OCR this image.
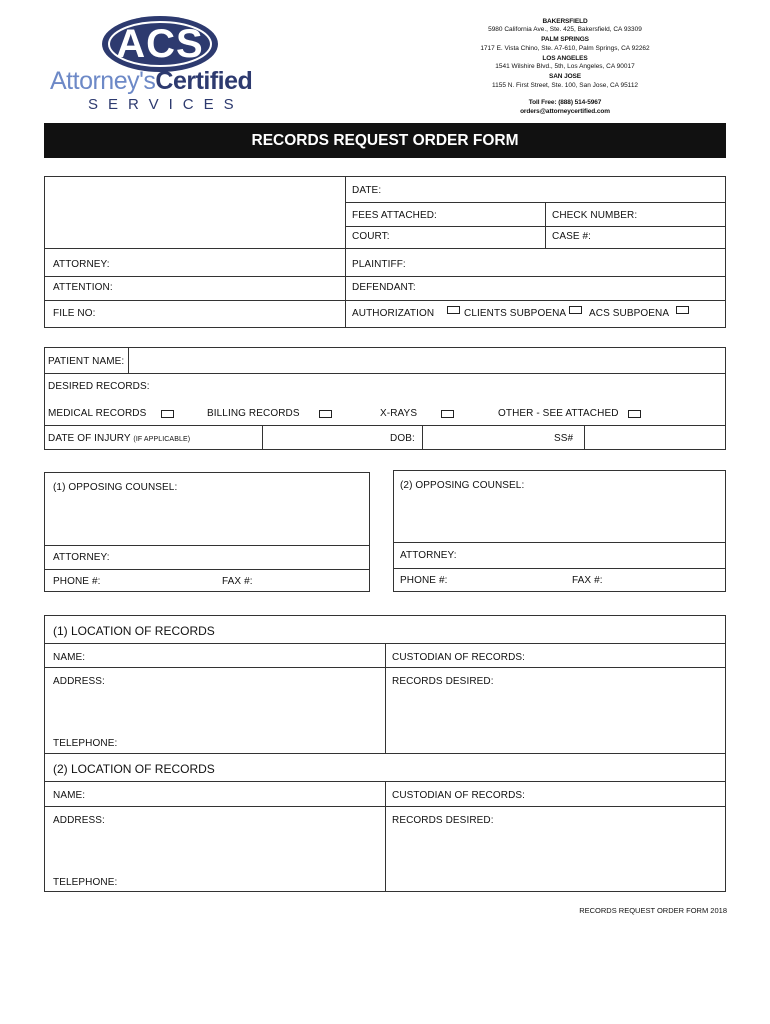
ACS
Attorney'sCertified
SERVICES
BAKERSFIELD
5980 California Ave., Ste. 425, Bakersfield, CA 93309
PALM SPRINGS
1717 E. Vista Chino, Ste. A7-610, Palm Springs, CA 92262
LOS ANGELES
1541 Wilshire Blvd., 5th, Los Angeles, CA 90017
SAN JOSE
1155 N. First Street, Ste. 100, San Jose, CA 95112
Toll Free: (888) 514-5967
orders@attorneycertified.com
RECORDS REQUEST ORDER FORM
DATE:
FEES ATTACHED:	CHECK NUMBER:
COURT:	CASE #:
ATTORNEY:	PLAINTIFF:
ATTENTION:	DEFENDANT:
FILE NO:	AUTHORIZATION	CLIENTS SUBPOENA ACS SUBPOENA
PATIENT NAME:
DESIRED RECORDS:
MEDICAL RECORDS	BILLING RECORDS	X-RAYS	OTHER - SEE ATTACHED
DATE OF INJURY (IF APPLICABLE)	DOB:	SS#
(1) OPPOSING COUNSEL:
ATTORNEY:
PHONE #:	FAX #:
(2) OPPOSING COUNSEL:
ATTORNEY:
PHONE #:	FAX #:
(1) LOCATION OF RECORDS
NAME:	CUSTODIAN OF RECORDS:
ADDRESS:	RECORDS DESIRED:
TELEPHONE:
(2) LOCATION OF RECORDS
NAME:	CUSTODIAN OF RECORDS:
ADDRESS:	RECORDS DESIRED:
TELEPHONE:
RECORDS REQUEST ORDER FORM 2018
